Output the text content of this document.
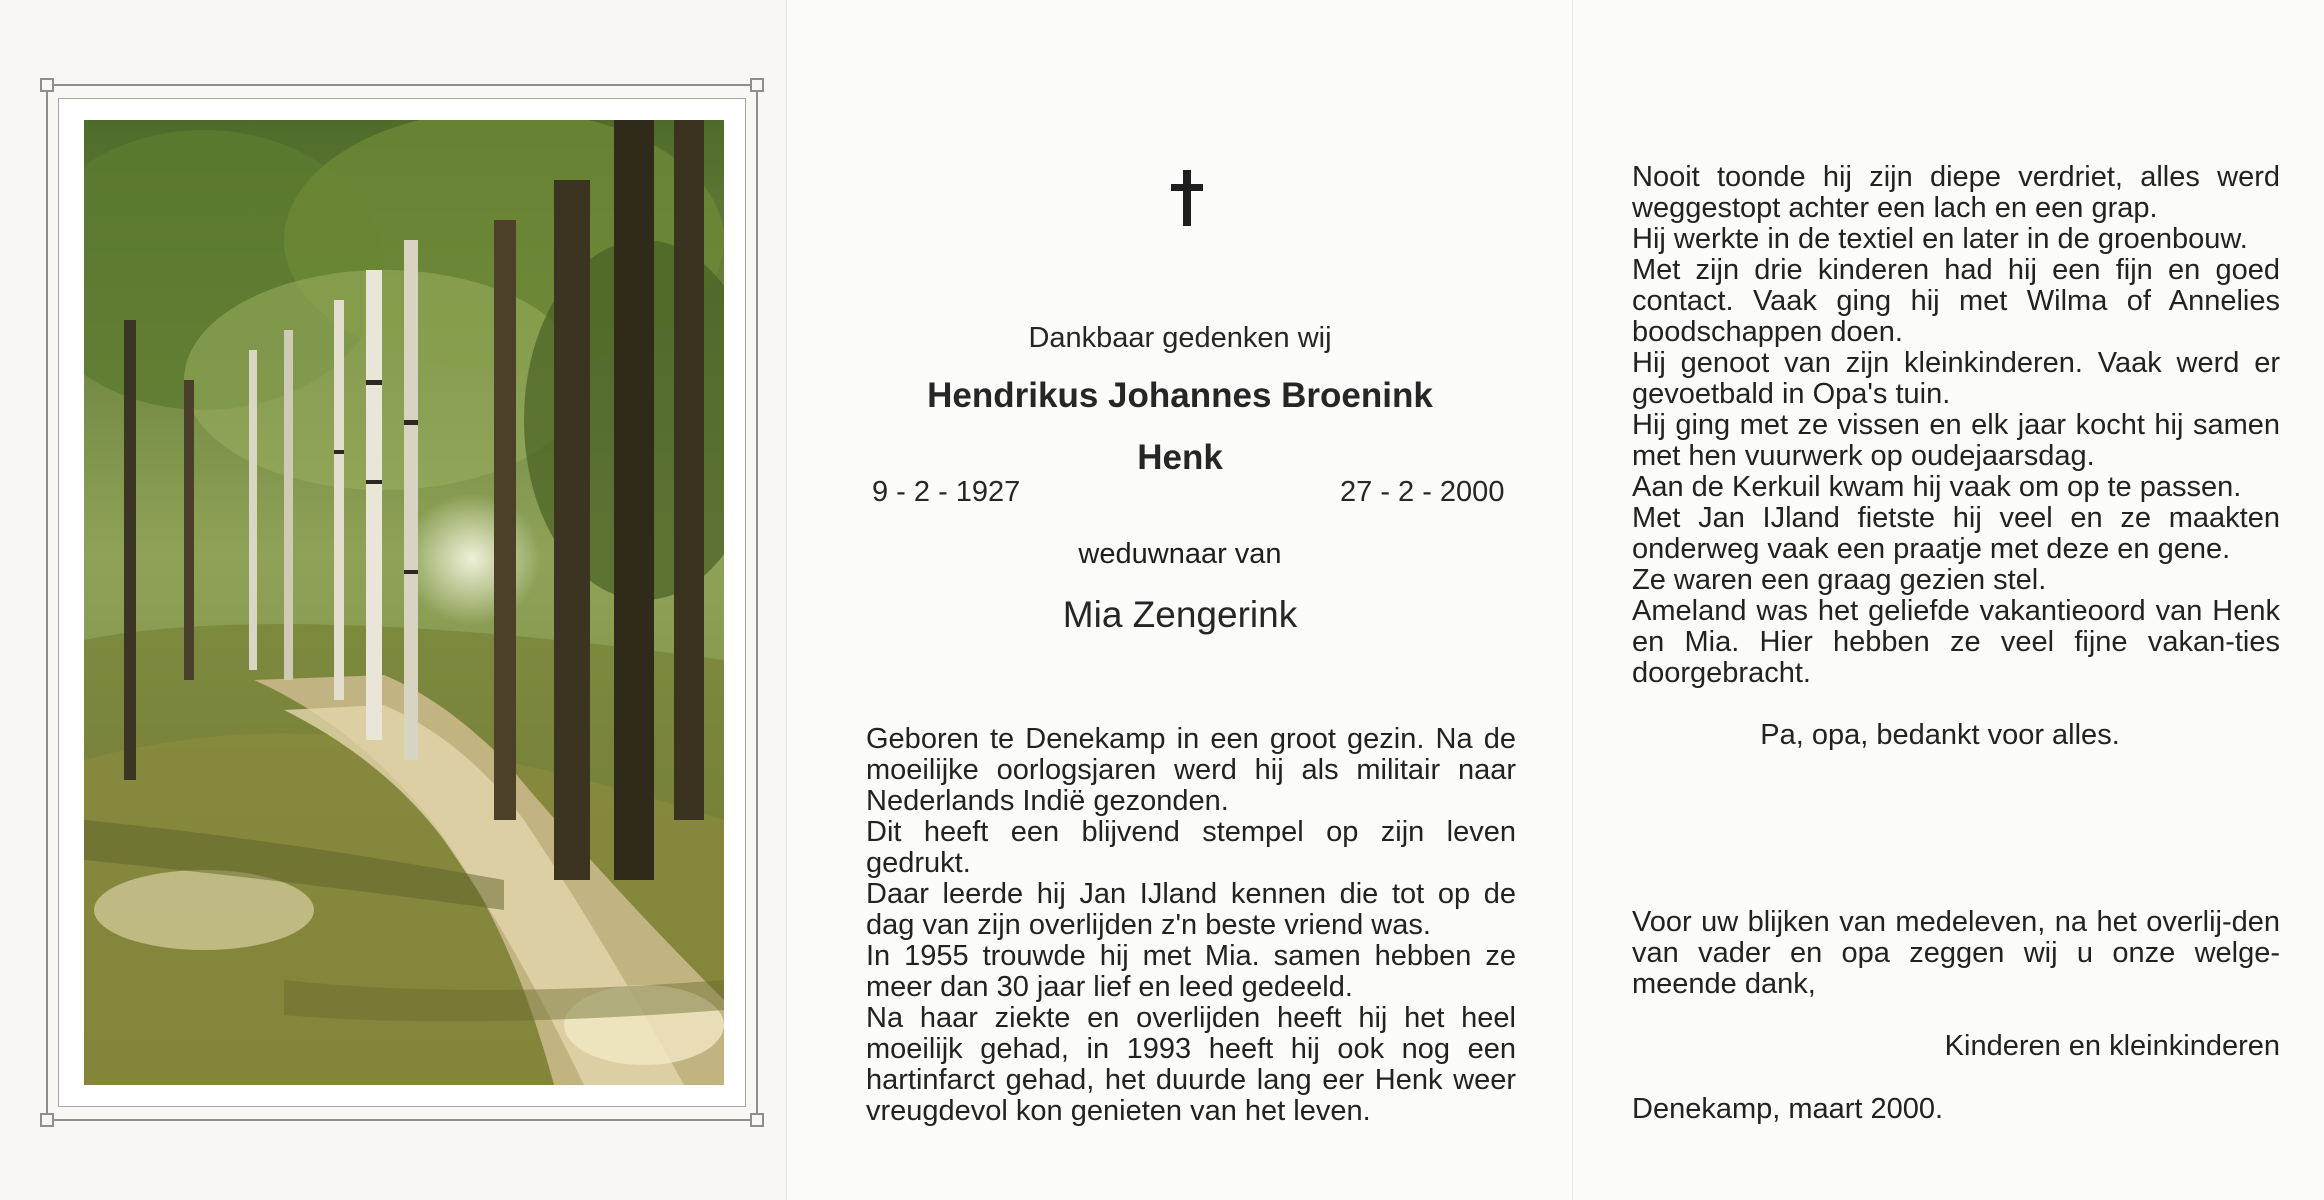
Dankbaar gedenken wij
Hendrikus Johannes Broenink
Henk
9 - 2 - 1927	27 - 2 - 2000
weduwnaar van
Mia Zengerink

Geboren te Denekamp in een groot gezin. Na de moeilijke oorlogsjaren werd hij als militair naar Nederlands Indië gezonden.

Dit heeft een blijvend stempel op zijn leven gedrukt.

Daar leerde hij Jan IJland kennen die tot op de dag van zijn overlijden z'n beste vriend was.

In 1955 trouwde hij met Mia. samen hebben ze meer dan 30 jaar lief en leed gedeeld.

Na haar ziekte en overlijden heeft hij het heel moeilijk gehad, in 1993 heeft hij ook nog een hartinfarct gehad, het duurde lang eer Henk weer vreugdevol kon genieten van het leven.

Nooit toonde hij zijn diepe verdriet, alles werd weggestopt achter een lach en een grap.

Hij werkte in de textiel en later in de groenbouw.

Met zijn drie kinderen had hij een fijn en goed contact. Vaak ging hij met Wilma of Annelies boodschappen doen.

Hij genoot van zijn kleinkinderen. Vaak werd er gevoetbald in Opa's tuin.

Hij ging met ze vissen en elk jaar kocht hij samen met hen vuurwerk op oudejaarsdag.

Aan de Kerkuil kwam hij vaak om op te passen.

Met Jan IJland fietste hij veel en ze maakten onderweg vaak een praatje met deze en gene.

Ze waren een graag gezien stel.

Ameland was het geliefde vakantieoord van Henk en Mia. Hier hebben ze veel fijne vakan-ties doorgebracht.

Pa, opa, bedankt voor alles.

Voor uw blijken van medeleven, na het overlij-den van vader en opa zeggen wij u onze welge-meende dank,

Kinderen en kleinkinderen
Denekamp, maart 2000.
